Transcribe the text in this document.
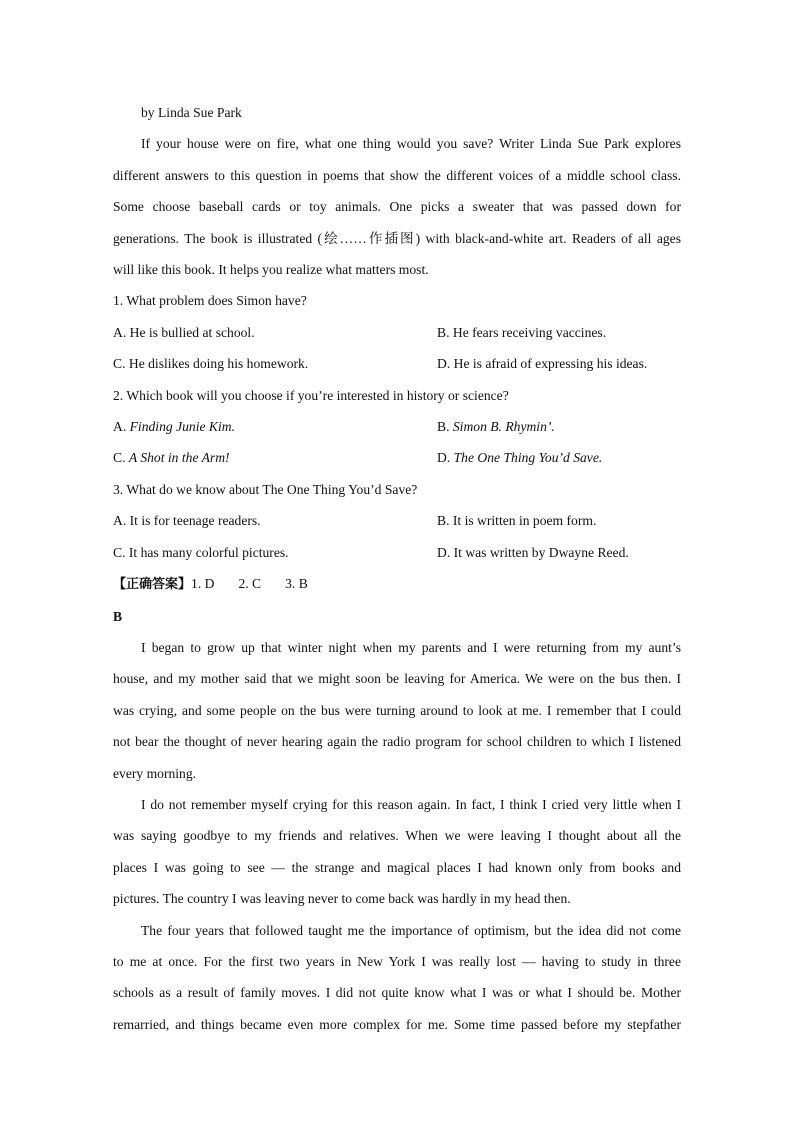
by Linda Sue Park

If your house were on fire, what one thing would you save? Writer Linda Sue Park explores

different answers to this question in poems that show the different voices of a middle school class.

Some choose baseball cards or toy animals. One picks a sweater that was passed down for

generations. The book is illustrated (绘……作插图) with black-and-white art. Readers of all ages

will like this book. It helps you realize what matters most.

1. What problem does Simon have?

A. He is bullied at school.	B. He fears receiving vaccines.
C. He dislikes doing his homework.	D. He is afraid of expressing his ideas.

2. Which book will you choose if you’re interested in history or science?

A. Finding Junie Kim.	B. Simon B. Rhymin’.
C. A Shot in the Arm!	D. The One Thing You’d Save.

3. What do we know about The One Thing You’d Save?

A. It is for teenage readers.	B. It is written in poem form.
C. It has many colorful pictures.	D. It was written by Dwayne Reed.

【正确答案】1. D 2. C 3. B

B

I began to grow up that winter night when my parents and I were returning from my aunt’s

house, and my mother said that we might soon be leaving for America. We were on the bus then. I

was crying, and some people on the bus were turning around to look at me. I remember that I could

not bear the thought of never hearing again the radio program for school children to which I listened

every morning.

I do not remember myself crying for this reason again. In fact, I think I cried very little when I

was saying goodbye to my friends and relatives. When we were leaving I thought about all the

places I was going to see — the strange and magical places I had known only from books and

pictures. The country I was leaving never to come back was hardly in my head then.

The four years that followed taught me the importance of optimism, but the idea did not come

to me at once. For the first two years in New York I was really lost — having to study in three

schools as a result of family moves. I did not quite know what I was or what I should be. Mother

remarried, and things became even more complex for me. Some time passed before my stepfather
